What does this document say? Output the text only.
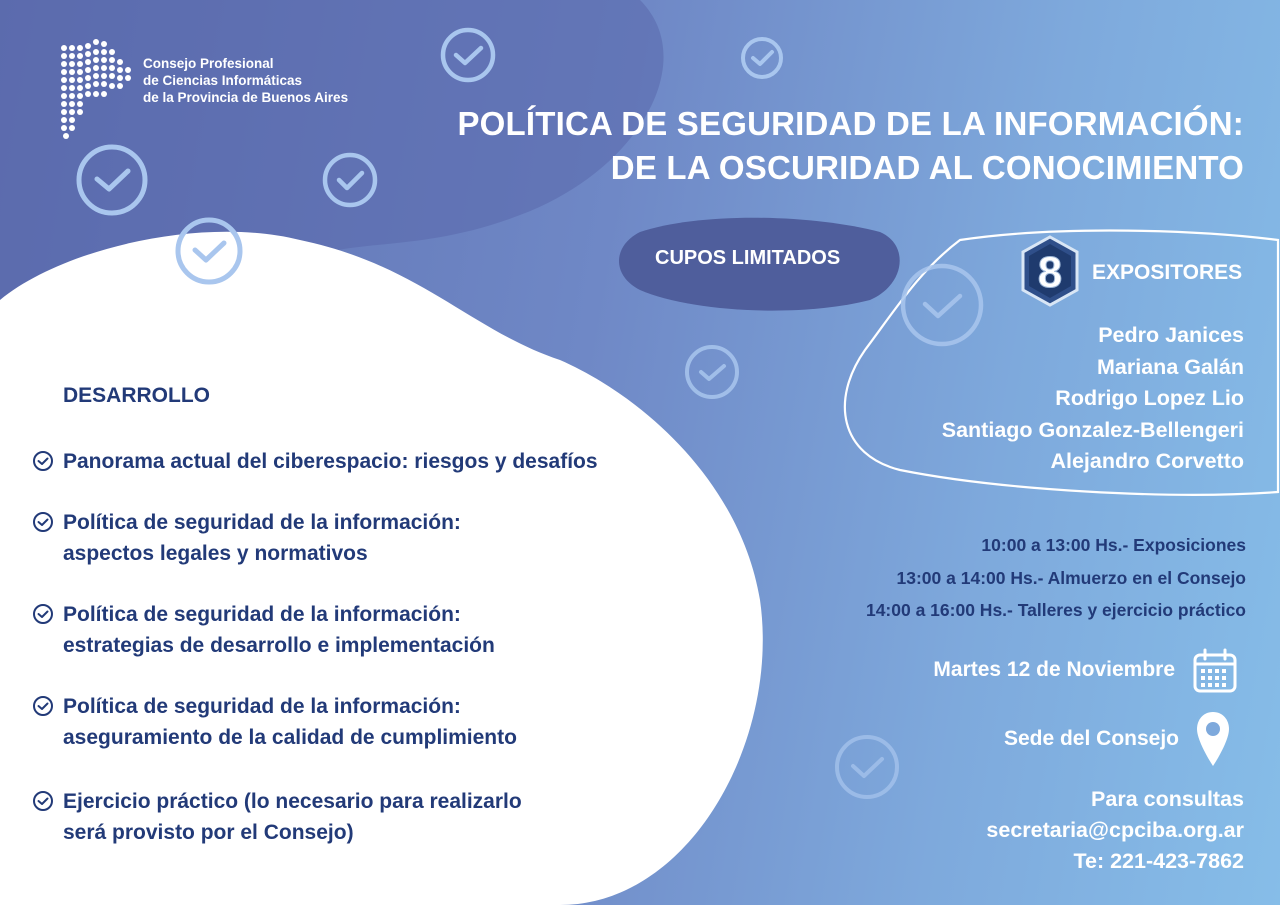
Consejo Profesional
de Ciencias Informáticas
de la Provincia de Buenos Aires
POLÍTICA DE SEGURIDAD DE LA INFORMACIÓN:
DE LA OSCURIDAD AL CONOCIMIENTO
CUPOS LIMITADOS	8 EXPOSITORES
Pedro Janices
Mariana Galán
Rodrigo Lopez Lio
Santiago Gonzalez-Bellengeri
Alejandro Corvetto
10:00 a 13:00 Hs.- Exposiciones
13:00 a 14:00 Hs.- Almuerzo en el Consejo
14:00 a 16:00 Hs.- Talleres y ejercicio práctico
Martes 12 de Noviembre
Sede del Consejo
Para consultas
secretaria@cpciba.org.ar
Te: 221-423-7862
DESARROLLO
Panorama actual del ciberespacio: riesgos y desafíos
Política de seguridad de la información:
aspectos legales y normativos
Política de seguridad de la información:
estrategias de desarrollo e implementación
Política de seguridad de la información:
aseguramiento de la calidad de cumplimiento
Ejercicio práctico (lo necesario para realizarlo
será provisto por el Consejo)
